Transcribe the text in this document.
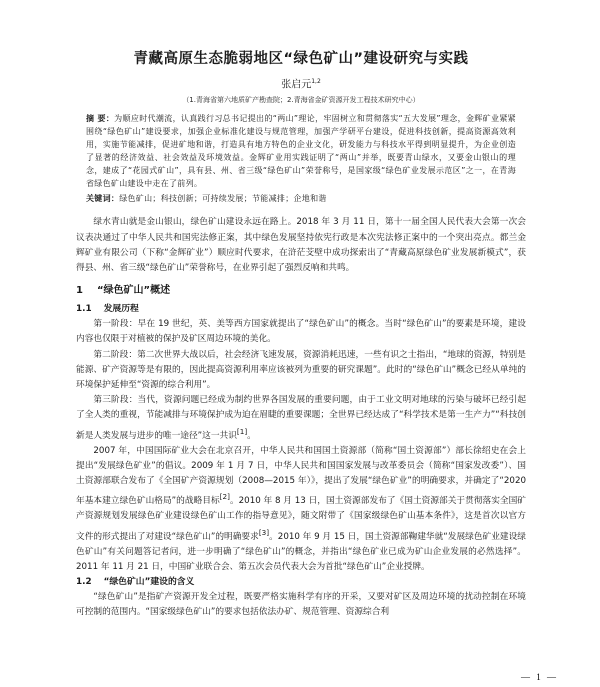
青藏高原生态脆弱地区“绿色矿山”建设研究与实践
张启元$^{1,2}$
（1.青海省第六地质矿产勘查院；2.青海省金矿资源开发工程技术研究中心）
摘 要：为顺应时代潮流，认真践行习总书记提出的“两山”理论，牢固树立和贯彻落实“五大发展”理念，金辉矿业紧紧围绕“绿色矿山”建设要求，加强企业标准化建设与规范管理，加强产学研平台建设，促进科技创新，提高资源高效利用，实施节能减排，促进矿地和谐，打造具有地方特色的企业文化，研发能力与科技水平得到明显提升，为企业创造了显著的经济效益、社会效益及环境效益。金辉矿业用实践证明了“两山”并举，既要青山绿水，又要金山银山的理念，建成了“花园式矿山”，具有县、州、省三级“绿色矿山”荣誉称号，是国家级“绿色矿业发展示范区”之一，在青海省绿色矿山建设中走在了前列。
关键词：绿色矿山；科技创新；可持续发展；节能减排；企地和谐

绿水青山就是金山银山，绿色矿山建设永远在路上。2018 年 3 月 11 日，第十一届全国人民代表大会第一次会议表决通过了中华人民共和国宪法修正案，其中绿色发展坚持依宪行政是本次宪法修正案中的一个突出亮点。都兰金辉矿业有限公司（下称“金辉矿业”）顺应时代要求，在浒茫芠壁中成功探索出了“青藏高原绿色矿业发展新模式”，获得县、州、省三级“绿色矿山”荣誉称号，在业界引起了强烈反响和共鸣。

1 “绿色矿山”概述
1.1 发展历程

第一阶段：早在 19 世纪，英、美等西方国家就提出了“绿色矿山”的概念。当时“绿色矿山”的要素是环境，建设内容也仅限于对植被的保护及矿区周边环境的美化。

第二阶段：第二次世界大战以后，社会经济飞速发展，资源消耗迅速，一些有识之士指出，“地球的资源，特别是能源、矿产资源等是有限的，因此提高资源利用率应该被列为重要的研究课题”。此时的“绿色矿山”概念已经从单纯的环境保护延伸至“资源的综合利用”。

第三阶段：当代，资源问题已经成为制约世界各国发展的重要问题，由于工业文明对地球的污染与破坏已经引起了全人类的重视，节能减排与环境保护成为迫在眉睫的重要课题；全世界已经达成了“科学技术是第一生产力”“科技创新是人类发展与进步的唯一途径”这一共识[1]。

2007 年，中国国际矿业大会在北京召开，中华人民共和国国土资源部（简称“国土资源部”）部长徐绍史在会上提出“发展绿色矿业”的倡议。2009 年 1 月 7 日，中华人民共和国国家发展与改革委员会（简称“国家发改委”）、国土资源部联合发布了《全国矿产资源规划（2008—2015 年）》，提出了发展“绿色矿业”的明确要求，并确定了“2020 年基本建立绿色矿山格局”的战略目标[2]。2010 年 8 月 13 日，国土资源部发布了《国土资源部关于贯彻落实全国矿产资源规划发展绿色矿业建设绿色矿山工作的指导意见》，随文附带了《国家级绿色矿山基本条件》，这是首次以官方文件的形式提出了对建设“绿色矿山”的明确要求[3]。2010 年 9 月 15 日，国土资源部鞠建华就“发展绿色矿业建设绿色矿山”有关问题答记者问，进一步明确了“绿色矿山”的概念，并指出“绿色矿业已成为矿山企业发展的必然选择”。2011 年 11 月 21 日，中国矿业联合会、第五次会员代表大会为首批“绿色矿山”企业授牌。

1.2 “绿色矿山”建设的含义

“绿色矿山”是指矿产资源开发全过程，既要严格实施科学有序的开采，又要对矿区及周边环境的扰动控制在环境可控制的范围内。“国家级绿色矿山”的要求包括依法办矿、规范管理、资源综合利

— 1 —
